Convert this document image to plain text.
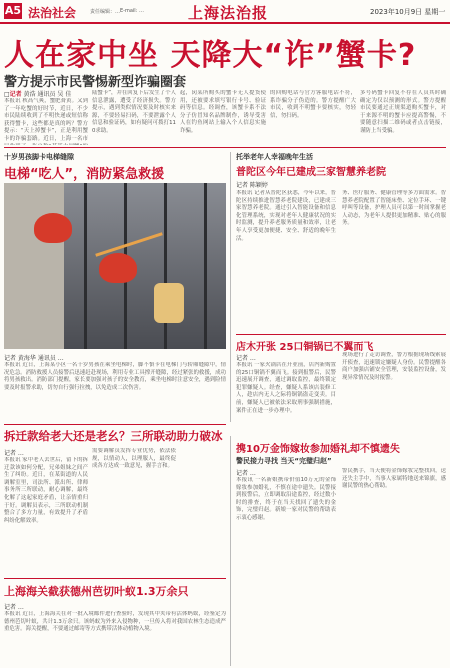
A5 法治社会	责任编辑：… E-mail: …	上海法治报	2023年10月9日 星期一
人在家中坐 天降大“诈”蟹卡?
警方提示市民警惕新型诈骗圈套
□记者 黄浩 通讯员 吴 佳
本报讯 秋高气爽，蟹肥膏黄。又到了一年吃蟹的好时节，近日，不少市民陆续收到了不明快递或短信称获得蟹卡，这些都是真的吗？警方提示：“天上掉蟹卡”，正是利用蟹卡的诈骗套路。近日，上海一名市
陆蟹卡”，并在回复下后发生了个人信息泄露，遭受了经济损失。警方提示，遇到类似情况要及时核实来源，不要轻易扫码，不要泄露个人信息和验证码，如有疑问可拨打110求助。
起，闵某所购买的蟹卡无人提货使用，还被要求填写银行卡号、验证码等信息。经调查，该蟹卡系不法分子仿冒知名品牌制作，诱导受害人在钓鱼网站上输入个人信息实施诈骗。
的回购电话与官方客服电话不符，系诈骗分子伪造的。警方提醒广大市民，收到不明蟹卡要核实，勿轻信，勿扫码。
多号码蟹卡回复不存在人员其时确确定为仅以预测的形式。警方提醒市民要通过正规渠道购买蟹卡，对于来源不明的蟹卡应提高警惕，不要随意扫描二维码或者点击链接，谨防上当受骗。
十岁男孩脚卡电梯缝隙
电梯“吃人”，消防紧急救援
记者 黄海华 通讯员 …
本报讯 近日，上海某小区一名十岁男孩在乘坐电梯时，脚不慎卡在电梯门与轿厢缝隙中，情况危急。消防救援人员接警后迅速赶赴现场，利用专业工具撑开缝隙，经过紧张的救援，成功将男孩救出。消防部门提醒，家长要加强对孩子的安全教育，乘坐电梯时注意安全，遇到险情要及时报警求助，切勿自行强行拉拽，以免造成二次伤害。
托举老年人幸福晚年生活
普陀区今年已建成三家智慧养老院
记者 陈颖婷
本报讯 记者从普陀区获悉，今年以来，普陀区持续推进智慧养老院建设，已建成三家智慧养老院。通过引入智能设备和信息化管理系统，实现对老年人健康状况的实时监测，提升养老服务质量和效率，让老年人享受更加便捷、安全、舒适的晚年生活。
务、医疗服务、健康管理等多方面需求。智慧养老院配置了智能床垫、定位手环、一键呼叫等设备，护理人员可以第一时间掌握老人动态，为老年人提供更加精准、贴心的服务。
店木开张 25口铜锅已不翼而飞
记者 …
本报讯 一家火锅店在开业前，店内新购置的25口铜锅不翼而飞。接到报警后，民警迅速展开调查，通过调取监控，最终锁定犯罪嫌疑人。经查，嫌疑人系该店装修工人，趁店内无人之际将铜锅盗走变卖。目前，嫌疑人已被依法采取刑事强制措施，案件正在进一步办理中。
现场进行了走访调查，警方根据现场线索展开侦查，迅速锁定嫌疑人身份。民警提醒各商户加强店铺安全管理，安装监控设备，发现异常情况及时报警。
拆迁款给老大还是老幺？三所联动助力破冰
记者 …
本报讯 家中老人去世后，留下的拆迁款该如何分配，兄弟姐妹之间产生了纠纷。近日，在某街道的人民调解室里，司法所、派出所、律师事务所三所联动，耐心调解，最终化解了这起家庭矛盾，让亲情重归于好。调解员表示，三所联动机制整合了多方力量，有效提升了矛盾纠纷化解效率。
需要调解员发挥专业优势，依法依规，以情动人，以理服人，最终促成各方达成一致意见，握手言和。
携10万金饰嫁妆参加婚礼却不慎遗失
警民接力寻找 当天“完璧归赵”
记者 …
本报讯 一名新娘携带价值10万元的金饰嫁妆参加婚礼，不慎在途中遗失。民警接到报警后，立即调取沿途监控，经过数小时的排查，终于在当天找回了遗失的金饰，完璧归赵。新娘一家对民警的帮助表示衷心感谢。
警民携手，当天便将金饰嫁妆完整找回，送还失主手中，当事人家属特地送来锦旗，感谢民警的热心帮助。
上海海关截获德州芭切叶蚁1.3万余只
记者 …
本报讯 近日，上海海关在对一批入境邮件进行查验时，发现其中夹带有活体蚂蚁，经鉴定为德州芭切叶蚁，共计1.3万余只。该蚂蚁为外来入侵物种，一旦传入将对我国农林生态造成严重危害。海关提醒，不要通过邮寄等方式携带活体动植物入境。
